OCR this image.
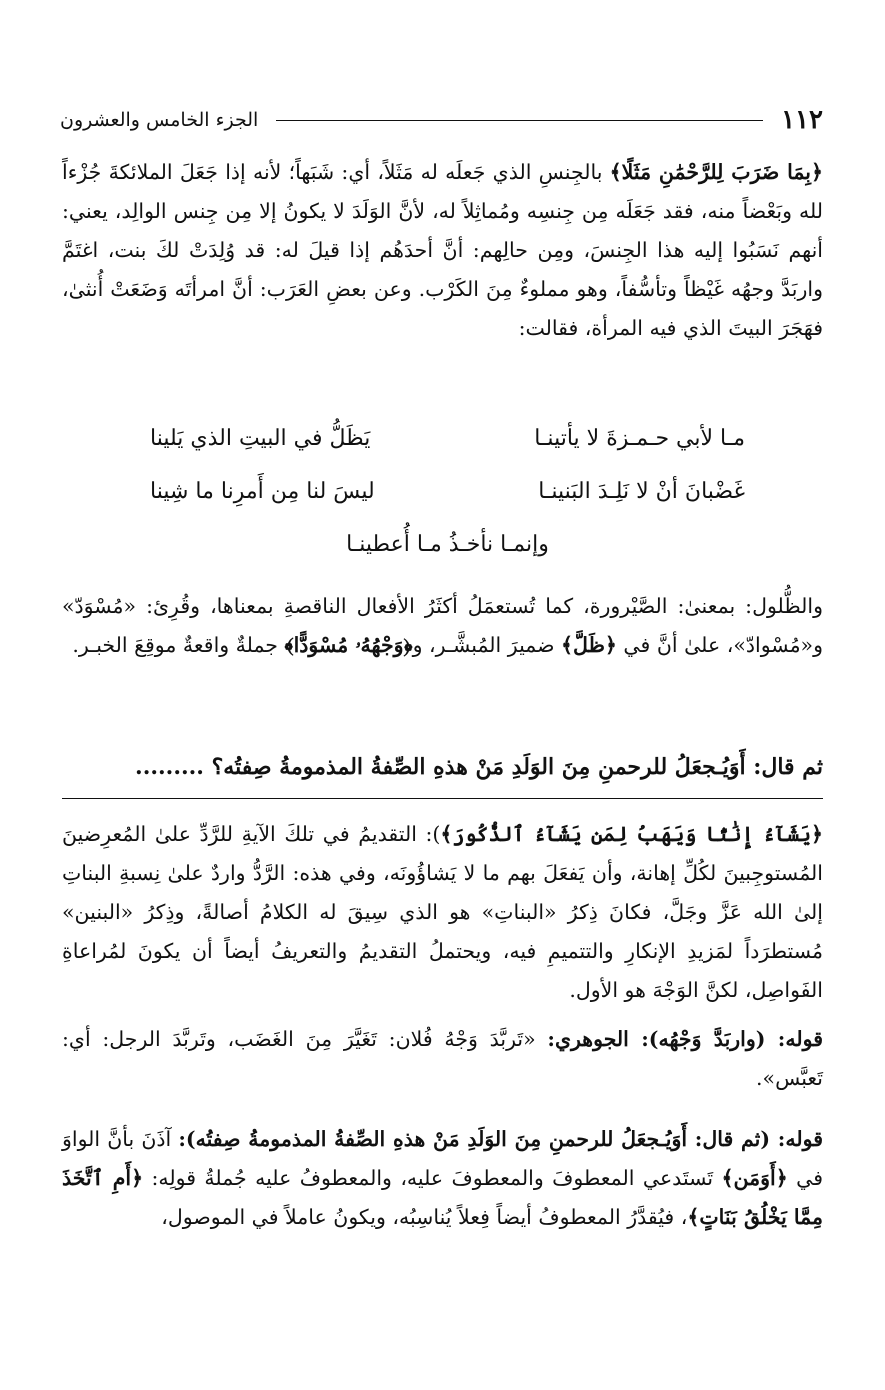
١١٢
الجزء الخامس والعشرون

﴿بِمَا ضَرَبَ لِلرَّحْمَٰنِ مَثَلًا﴾ بالجِنسِ الذي جَعلَه له مَثَلاً، أي: شَبَهاً؛ لأنه إذا جَعَلَ الملائكةَ جُزْءاً لله وبَعْضاً منه، فقد جَعَلَه مِن جِنسِه ومُماثِلاً له، لأنَّ الوَلَدَ لا يكونُ إلا مِن جِنس الوالِد، يعني: أنهم نَسَبُوا إليه هذا الجِنسَ، ومِن حالِهم: أنَّ أحدَهُم إذا قيلَ له: قد وُلِدَتْ لكَ بنت، اغتَمَّ واربَدَّ وجهُه غَيْظاً وتأسُّفاً، وهو مملوءٌ مِنَ الكَرْب. وعن بعضِ العَرَب: أنَّ امرأتَه وَضَعَتْ أُنثىٰ، فهَجَرَ البيتَ الذي فيه المرأة، فقالت:

مـا لأبي حـمـزةَ لا يأتينـا
يَظَلُّ في البيتِ الذي يَلينا
غَضْبانَ أنْ لا نَلِـدَ البَنينـا
ليسَ لنا مِن أَمرِنا ما شِينا
وإنمـا نأخـذُ مـا أُعطينـا

والظُّلول: بمعنىٰ: الصَّيْرورة، كما تُستعمَلُ أكثَرُ الأفعال الناقصةِ بمعناها، وقُرِئ: «مُسْوَدّ» و«مُسْوادّ»، علىٰ أنَّ في ﴿ظَلَّ﴾ ضميرَ المُبشَّـر، و﴿وَجْهُهُۥ مُسْوَدًّا﴾ جملةٌ واقعةٌ موقِعَ الخبـر.

ثم قال: أَوَيُـجعَلُ للرحمنِ مِنَ الوَلَدِ مَنْ هذهِ الصِّفةُ المذمومةُ صِفتُه؟ .........

﴿يَشَآءُ إِنَٰثًا وَيَهَبُ لِمَن يَشَآءُ ٱلذُّكُورَ﴾): التقديمُ في تلكَ الآيةِ للرَّدِّ علىٰ المُعرِضينَ المُستوجِبينَ لكُلِّ إهانة، وأن يَفعَلَ بهم ما لا يَشاؤُونَه، وفي هذه: الرَّدُّ واردٌ علىٰ نِسبةِ البناتِ إلىٰ الله عَزَّ وجَلَّ، فكانَ ذِكرُ «البناتِ» هو الذي سِيقَ له الكلامُ أصالةً، وذِكرُ «البنين» مُستطرَداً لمَزيدِ الإنكارِ والتتميمِ فيه، ويحتملُ التقديمُ والتعريفُ أيضاً أن يكونَ لمُراعاةِ الفَواصِل، لكنَّ الوَجْهَ هو الأول.

قوله: (واربَدَّ وَجْهُه): الجوهري: «تَربَّدَ وَجْهُ فُلان: تَغَيَّرَ مِنَ الغَضَب، وتَربَّدَ الرجل: أي: تَعبَّس».

قوله: (ثم قال: أَوَيُـجعَلُ للرحمنِ مِنَ الوَلَدِ مَنْ هذهِ الصِّفةُ المذمومةُ صِفتُه): آذَنَ بأنَّ الواوَ في ﴿أَوَمَن﴾ تَستَدعي المعطوفَ والمعطوفَ عليه، والمعطوفُ عليه جُملةُ قولِه: ﴿أَمِ ٱتَّخَذَ مِمَّا يَخْلُقُ بَنَاتٍ﴾، فيُقدَّرُ المعطوفُ أيضاً فِعلاً يُناسِبُه، ويكونُ عاملاً في الموصول،
